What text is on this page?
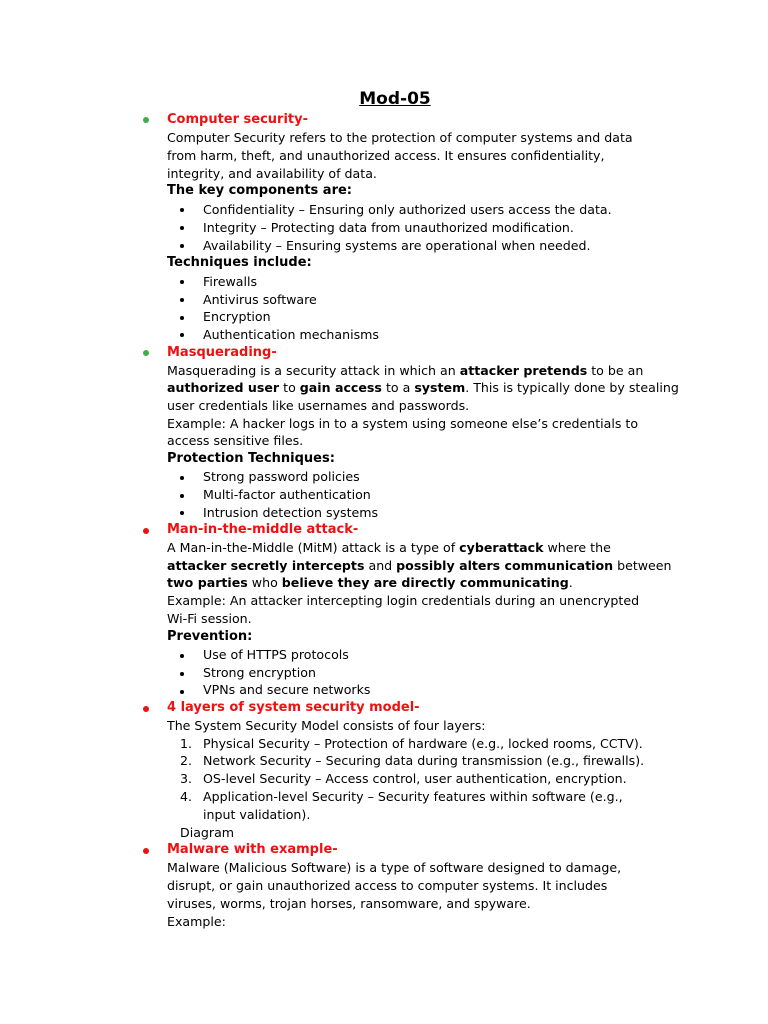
Mod-05
Computer security-
Computer Security refers to the protection of computer systems and data
from harm, theft, and unauthorized access. It ensures confidentiality,
integrity, and availability of data.
The key components are:
Confidentiality – Ensuring only authorized users access the data.
Integrity – Protecting data from unauthorized modification.
Availability – Ensuring systems are operational when needed.
Techniques include:
Firewalls
Antivirus software
Encryption
Authentication mechanisms
Masquerading-
Masquerading is a security attack in which an attacker pretends to be an
authorized user to gain access to a system. This is typically done by stealing
user credentials like usernames and passwords.
Example: A hacker logs in to a system using someone else’s credentials to
access sensitive files.
Protection Techniques:
Strong password policies
Multi-factor authentication
Intrusion detection systems
Man-in-the-middle attack-
A Man-in-the-Middle (MitM) attack is a type of cyberattack where the
attacker secretly intercepts and possibly alters communication between
two parties who believe they are directly communicating.
Example: An attacker intercepting login credentials during an unencrypted
Wi-Fi session.
Prevention:
Use of HTTPS protocols
Strong encryption
VPNs and secure networks
4 layers of system security model-
The System Security Model consists of four layers:
1. Physical Security – Protection of hardware (e.g., locked rooms, CCTV).
2. Network Security – Securing data during transmission (e.g., firewalls).
3. OS-level Security – Access control, user authentication, encryption.
4. Application-level Security – Security features within software (e.g.,
input validation).
Diagram
Malware with example-
Malware (Malicious Software) is a type of software designed to damage,
disrupt, or gain unauthorized access to computer systems. It includes
viruses, worms, trojan horses, ransomware, and spyware.
Example:
